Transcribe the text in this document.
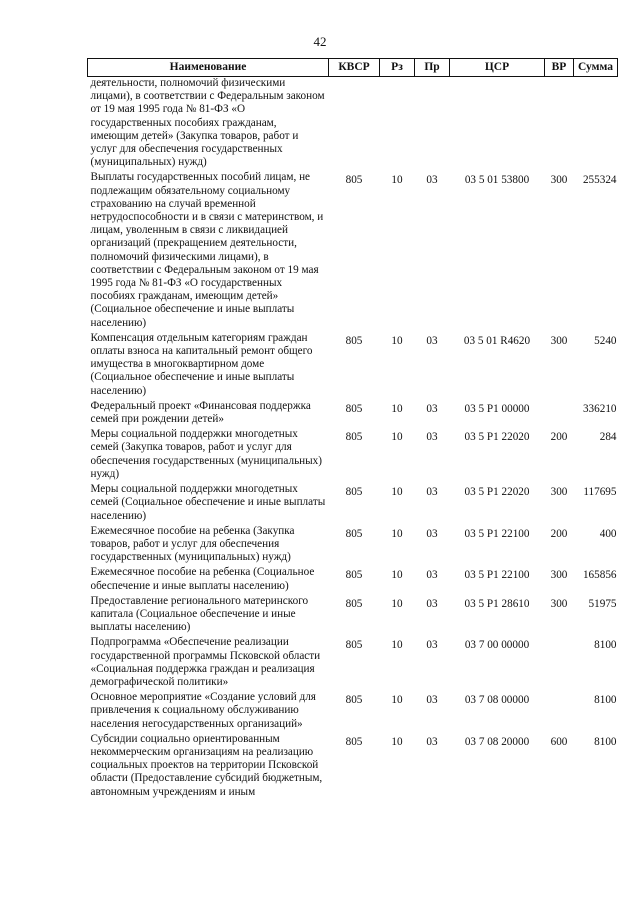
42
Наименование	КВСР	Рз	Пр	ЦСР	ВР	Сумма
деятельности, полномочий физическими лицами), в соответствии с Федеральным законом от 19 мая 1995 года № 81-ФЗ «О государственных пособиях гражданам, имеющим детей» (Закупка товаров, работ и услуг для обеспечения государственных (муниципальных) нужд)						
Выплаты государственных пособий лицам, не подлежащим обязательному социальному страхованию на случай временной нетрудоспособности и в связи с материнством, и лицам, уволенным в связи с ликвидацией организаций (прекращением деятельности, полномочий физическими лицами), в соответствии с Федеральным законом от 19 мая 1995 года № 81-ФЗ «О государственных пособиях гражданам, имеющим детей» (Социальное обеспечение и иные выплаты населению)	805	10	03	03 5 01 53800	300	255324
Компенсация отдельным категориям граждан оплаты взноса на капитальный ремонт общего имущества в многоквартирном доме (Социальное обеспечение и иные выплаты населению)	805	10	03	03 5 01 R4620	300	5240
Федеральный проект «Финансовая поддержка семей при рождении детей»	805	10	03	03 5 P1 00000		336210
Меры социальной поддержки многодетных семей (Закупка товаров, работ и услуг для обеспечения государственных (муниципальных) нужд)	805	10	03	03 5 P1 22020	200	284
Меры социальной поддержки многодетных семей (Социальное обеспечение и иные выплаты населению)	805	10	03	03 5 P1 22020	300	117695
Ежемесячное пособие на ребенка (Закупка товаров, работ и услуг для обеспечения государственных (муниципальных) нужд)	805	10	03	03 5 P1 22100	200	400
Ежемесячное пособие на ребенка (Социальное обеспечение и иные выплаты населению)	805	10	03	03 5 P1 22100	300	165856
Предоставление регионального материнского капитала (Социальное обеспечение и иные выплаты населению)	805	10	03	03 5 P1 28610	300	51975
Подпрограмма «Обеспечение реализации государственной программы Псковской области «Социальная поддержка граждан и реализация демографической политики»	805	10	03	03 7 00 00000		8100
Основное мероприятие «Создание условий для привлечения к социальному обслуживанию населения негосударственных организаций»	805	10	03	03 7 08 00000		8100
Субсидии социально ориентированным некоммерческим организациям на реализацию социальных проектов на территории Псковской области (Предоставление субсидий бюджетным, автономным учреждениям и иным	805	10	03	03 7 08 20000	600	8100
